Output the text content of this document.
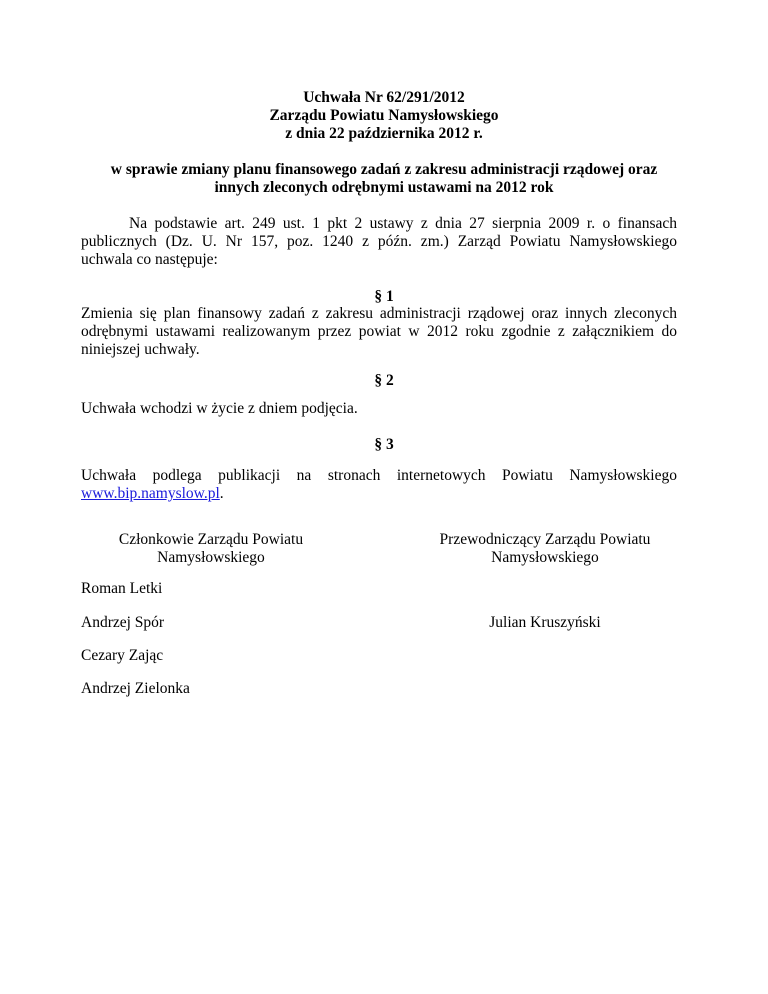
Uchwała Nr 62/291/2012
Zarządu Powiatu Namysłowskiego
z dnia 22 października 2012 r.
w sprawie zmiany planu finansowego zadań z zakresu administracji rządowej oraz
innych zleconych odrębnymi ustawami na 2012 rok
Na podstawie art. 249 ust. 1 pkt 2 ustawy z dnia 27 sierpnia 2009 r. o finansach
publicznych (Dz. U. Nr 157, poz. 1240 z późn. zm.) Zarząd Powiatu Namysłowskiego
uchwala co następuje:
§ 1
Zmienia się plan finansowy zadań z zakresu administracji rządowej oraz innych zleconych
odrębnymi ustawami realizowanym przez powiat w 2012 roku zgodnie z załącznikiem do
niniejszej uchwały.
§ 2
Uchwała wchodzi w życie z dniem podjęcia.
§ 3
Uchwała podlega publikacji na stronach internetowych Powiatu Namysłowskiego
www.bip.namyslow.pl.
Członkowie Zarządu Powiatu
Namysłowskiego
Przewodniczący Zarządu Powiatu
Namysłowskiego
Roman Letki
Andrzej Spór	Julian Kruszyński
Cezary Zając
Andrzej Zielonka
